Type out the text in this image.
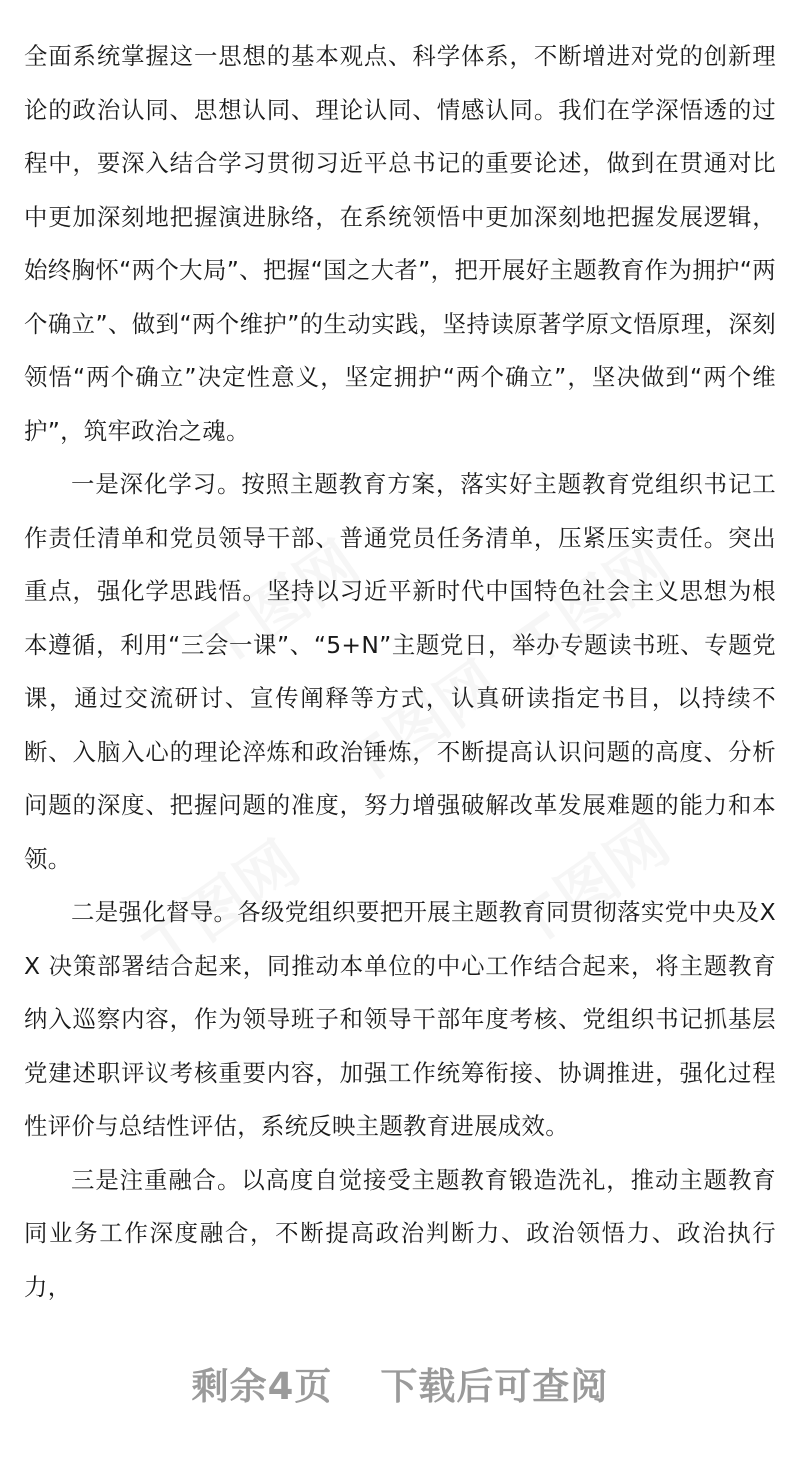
全面系统掌握这一思想的基本观点、科学体系，不断增进对党的创新理论的政治认同、思想认同、理论认同、情感认同。我们在学深悟透的过程中，要深入结合学习贯彻习近平总书记的重要论述，做到在贯通对比中更加深刻地把握演进脉络，在系统领悟中更加深刻地把握发展逻辑，始终胸怀“两个大局”、把握“国之大者”，把开展好主题教育作为拥护“两个确立”、做到“两个维护”的生动实践，坚持读原著学原文悟原理，深刻领悟“两个确立”决定性意义，坚定拥护“两个确立”，坚决做到“两个维护”，筑牢政治之魂。

一是深化学习。按照主题教育方案，落实好主题教育党组织书记工作责任清单和党员领导干部、普通党员任务清单，压紧压实责任。突出重点，强化学思践悟。坚持以习近平新时代中国特色社会主义思想为根本遵循，利用“三会一课”、“5+N”主题党日，举办专题读书班、专题党课，通过交流研讨、宣传阐释等方式，认真研读指定书目，以持续不断、入脑入心的理论淬炼和政治锤炼，不断提高认识问题的高度、分析问题的深度、把握问题的准度，努力增强破解改革发展难题的能力和本领。

二是强化督导。各级党组织要把开展主题教育同贯彻落实党中央及XX 决策部署结合起来，同推动本单位的中心工作结合起来，将主题教育纳入巡察内容，作为领导班子和领导干部年度考核、党组织书记抓基层党建述职评议考核重要内容，加强工作统筹衔接、协调推进，强化过程性评价与总结性评估，系统反映主题教育进展成效。

三是注重融合。以高度自觉接受主题教育锻造洗礼，推动主题教育同业务工作深度融合，不断提高政治判断力、政治领悟力、政治执行力，

剩余4页 下载后可查阅
